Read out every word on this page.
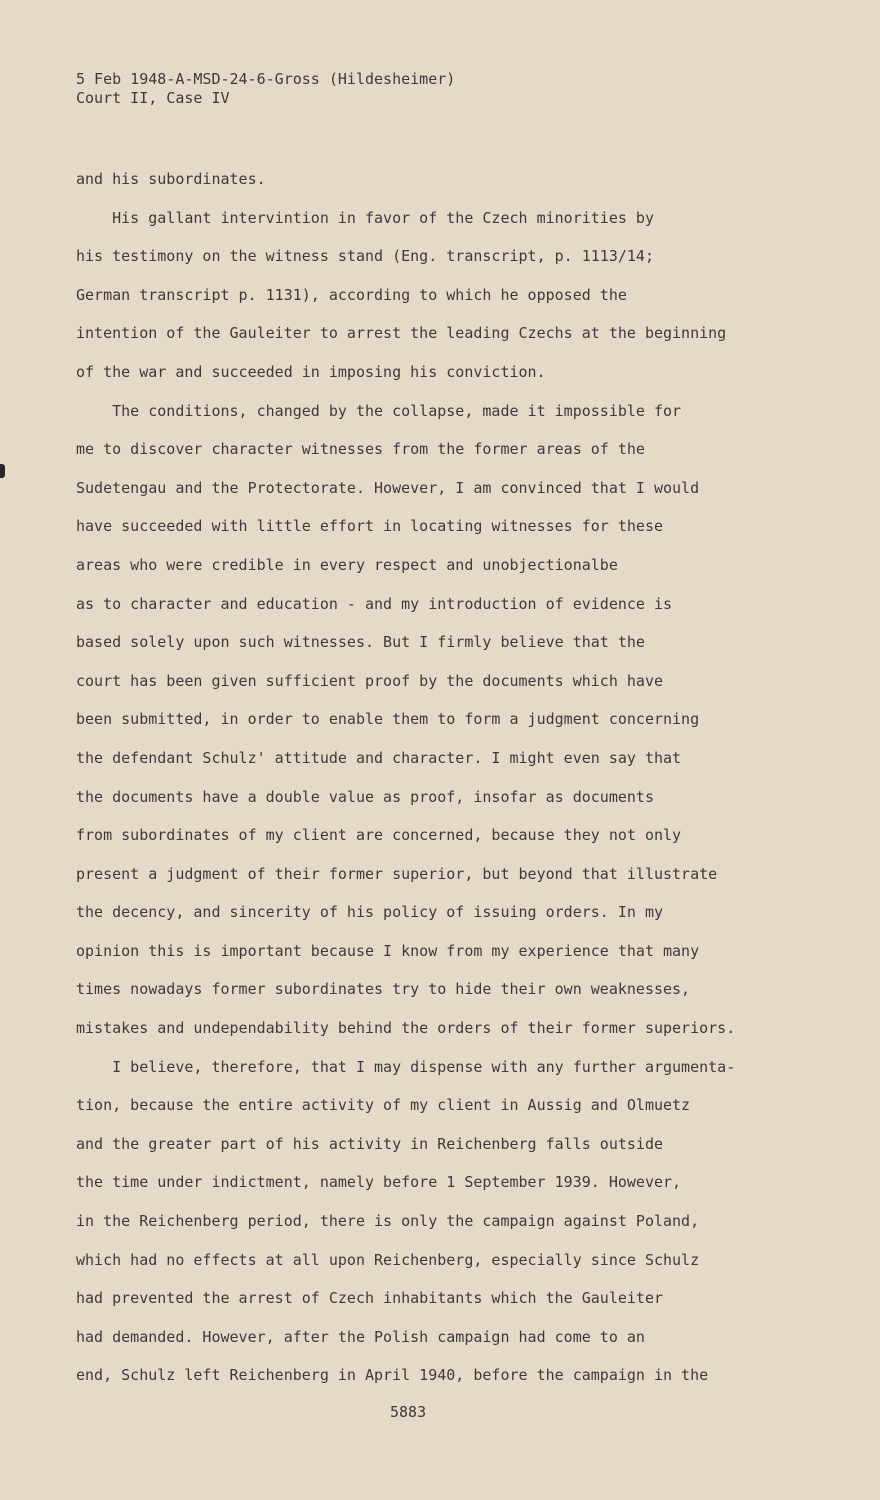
5 Feb 1948-A-MSD-24-6-Gross (Hildesheimer)
Court II, Case IV
and his subordinates.
His gallant intervintion in favor of the Czech minorities by
his testimony on the witness stand (Eng. transcript, p. 1113/14;
German transcript p. 1131), according to which he opposed the
intention of the Gauleiter to arrest the leading Czechs at the beginning
of the war and succeeded in imposing his conviction.
The conditions, changed by the collapse, made it impossible for
me to discover character witnesses from the former areas of the
Sudetengau and the Protectorate. However, I am convinced that I would
have succeeded with little effort in locating witnesses for these
areas who were credible in every respect and unobjectionalbe
as to character and education - and my introduction of evidence is
based solely upon such witnesses. But I firmly believe that the
court has been given sufficient proof by the documents which have
been submitted, in order to enable them to form a judgment concerning
the defendant Schulz' attitude and character. I might even say that
the documents have a double value as proof, insofar as documents
from subordinates of my client are concerned, because they not only
present a judgment of their former superior, but beyond that illustrate
the decency, and sincerity of his policy of issuing orders. In my
opinion this is important because I know from my experience that many
times nowadays former subordinates try to hide their own weaknesses,
mistakes and undependability behind the orders of their former superiors.
I believe, therefore, that I may dispense with any further argumenta-
tion, because the entire activity of my client in Aussig and Olmuetz
and the greater part of his activity in Reichenberg falls outside
the time under indictment, namely before 1 September 1939. However,
in the Reichenberg period, there is only the campaign against Poland,
which had no effects at all upon Reichenberg, especially since Schulz
had prevented the arrest of Czech inhabitants which the Gauleiter
had demanded. However, after the Polish campaign had come to an
end, Schulz left Reichenberg in April 1940, before the campaign in the
5883
